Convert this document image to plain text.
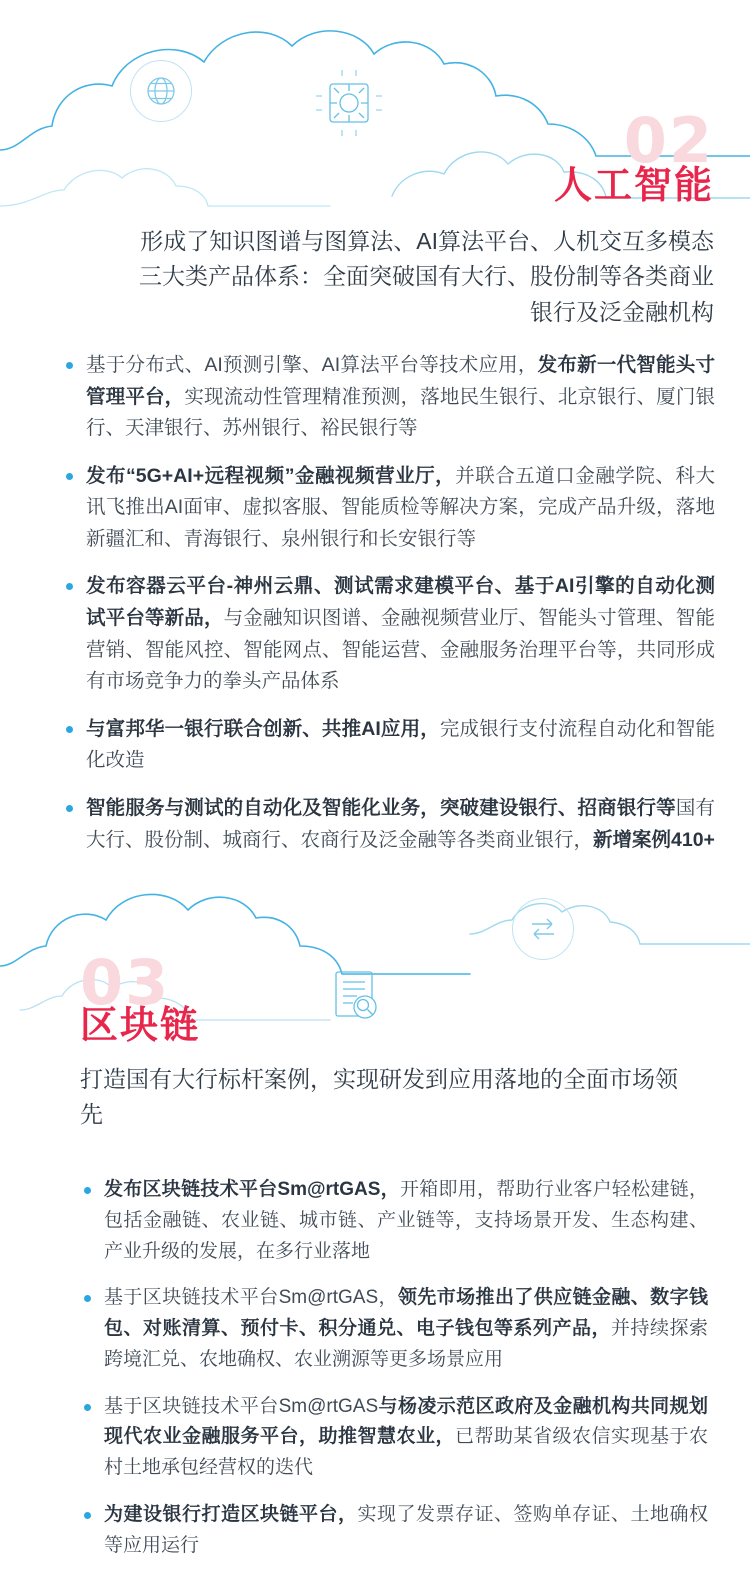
02
人工智能
形成了知识图谱与图算法、AI算法平台、人机交互多模态三大类产品体系：全面突破国有大行、股份制等各类商业银行及泛金融机构
基于分布式、AI预测引擎、AI算法平台等技术应用，发布新一代智能头寸管理平台，实现流动性管理精准预测，落地民生银行、北京银行、厦门银行、天津银行、苏州银行、裕民银行等
发布“5G+AI+远程视频”金融视频营业厅，并联合五道口金融学院、科大讯飞推出AI面审、虚拟客服、智能质检等解决方案，完成产品升级，落地新疆汇和、青海银行、泉州银行和长安银行等
发布容器云平台-神州云鼎、测试需求建模平台、基于AI引擎的自动化测试平台等新品，与金融知识图谱、金融视频营业厅、智能头寸管理、智能营销、智能风控、智能网点、智能运营、金融服务治理平台等，共同形成有市场竞争力的拳头产品体系
与富邦华一银行联合创新、共推AI应用，完成银行支付流程自动化和智能化改造
智能服务与测试的自动化及智能化业务，突破建设银行、招商银行等国有大行、股份制、城商行、农商行及泛金融等各类商业银行，新增案例410+
03
区块链
打造国有大行标杆案例，实现研发到应用落地的全面市场领先
发布区块链技术平台Sm@rtGAS，开箱即用，帮助行业客户轻松建链，包括金融链、农业链、城市链、产业链等，支持场景开发、生态构建、产业升级的发展，在多行业落地
基于区块链技术平台Sm@rtGAS，领先市场推出了供应链金融、数字钱包、对账清算、预付卡、积分通兑、电子钱包等系列产品，并持续探索跨境汇兑、农地确权、农业溯源等更多场景应用
基于区块链技术平台Sm@rtGAS与杨凌示范区政府及金融机构共同规划现代农业金融服务平台，助推智慧农业，已帮助某省级农信实现基于农村土地承包经营权的迭代
为建设银行打造区块链平台，实现了发票存证、签购单存证、土地确权等应用运行
